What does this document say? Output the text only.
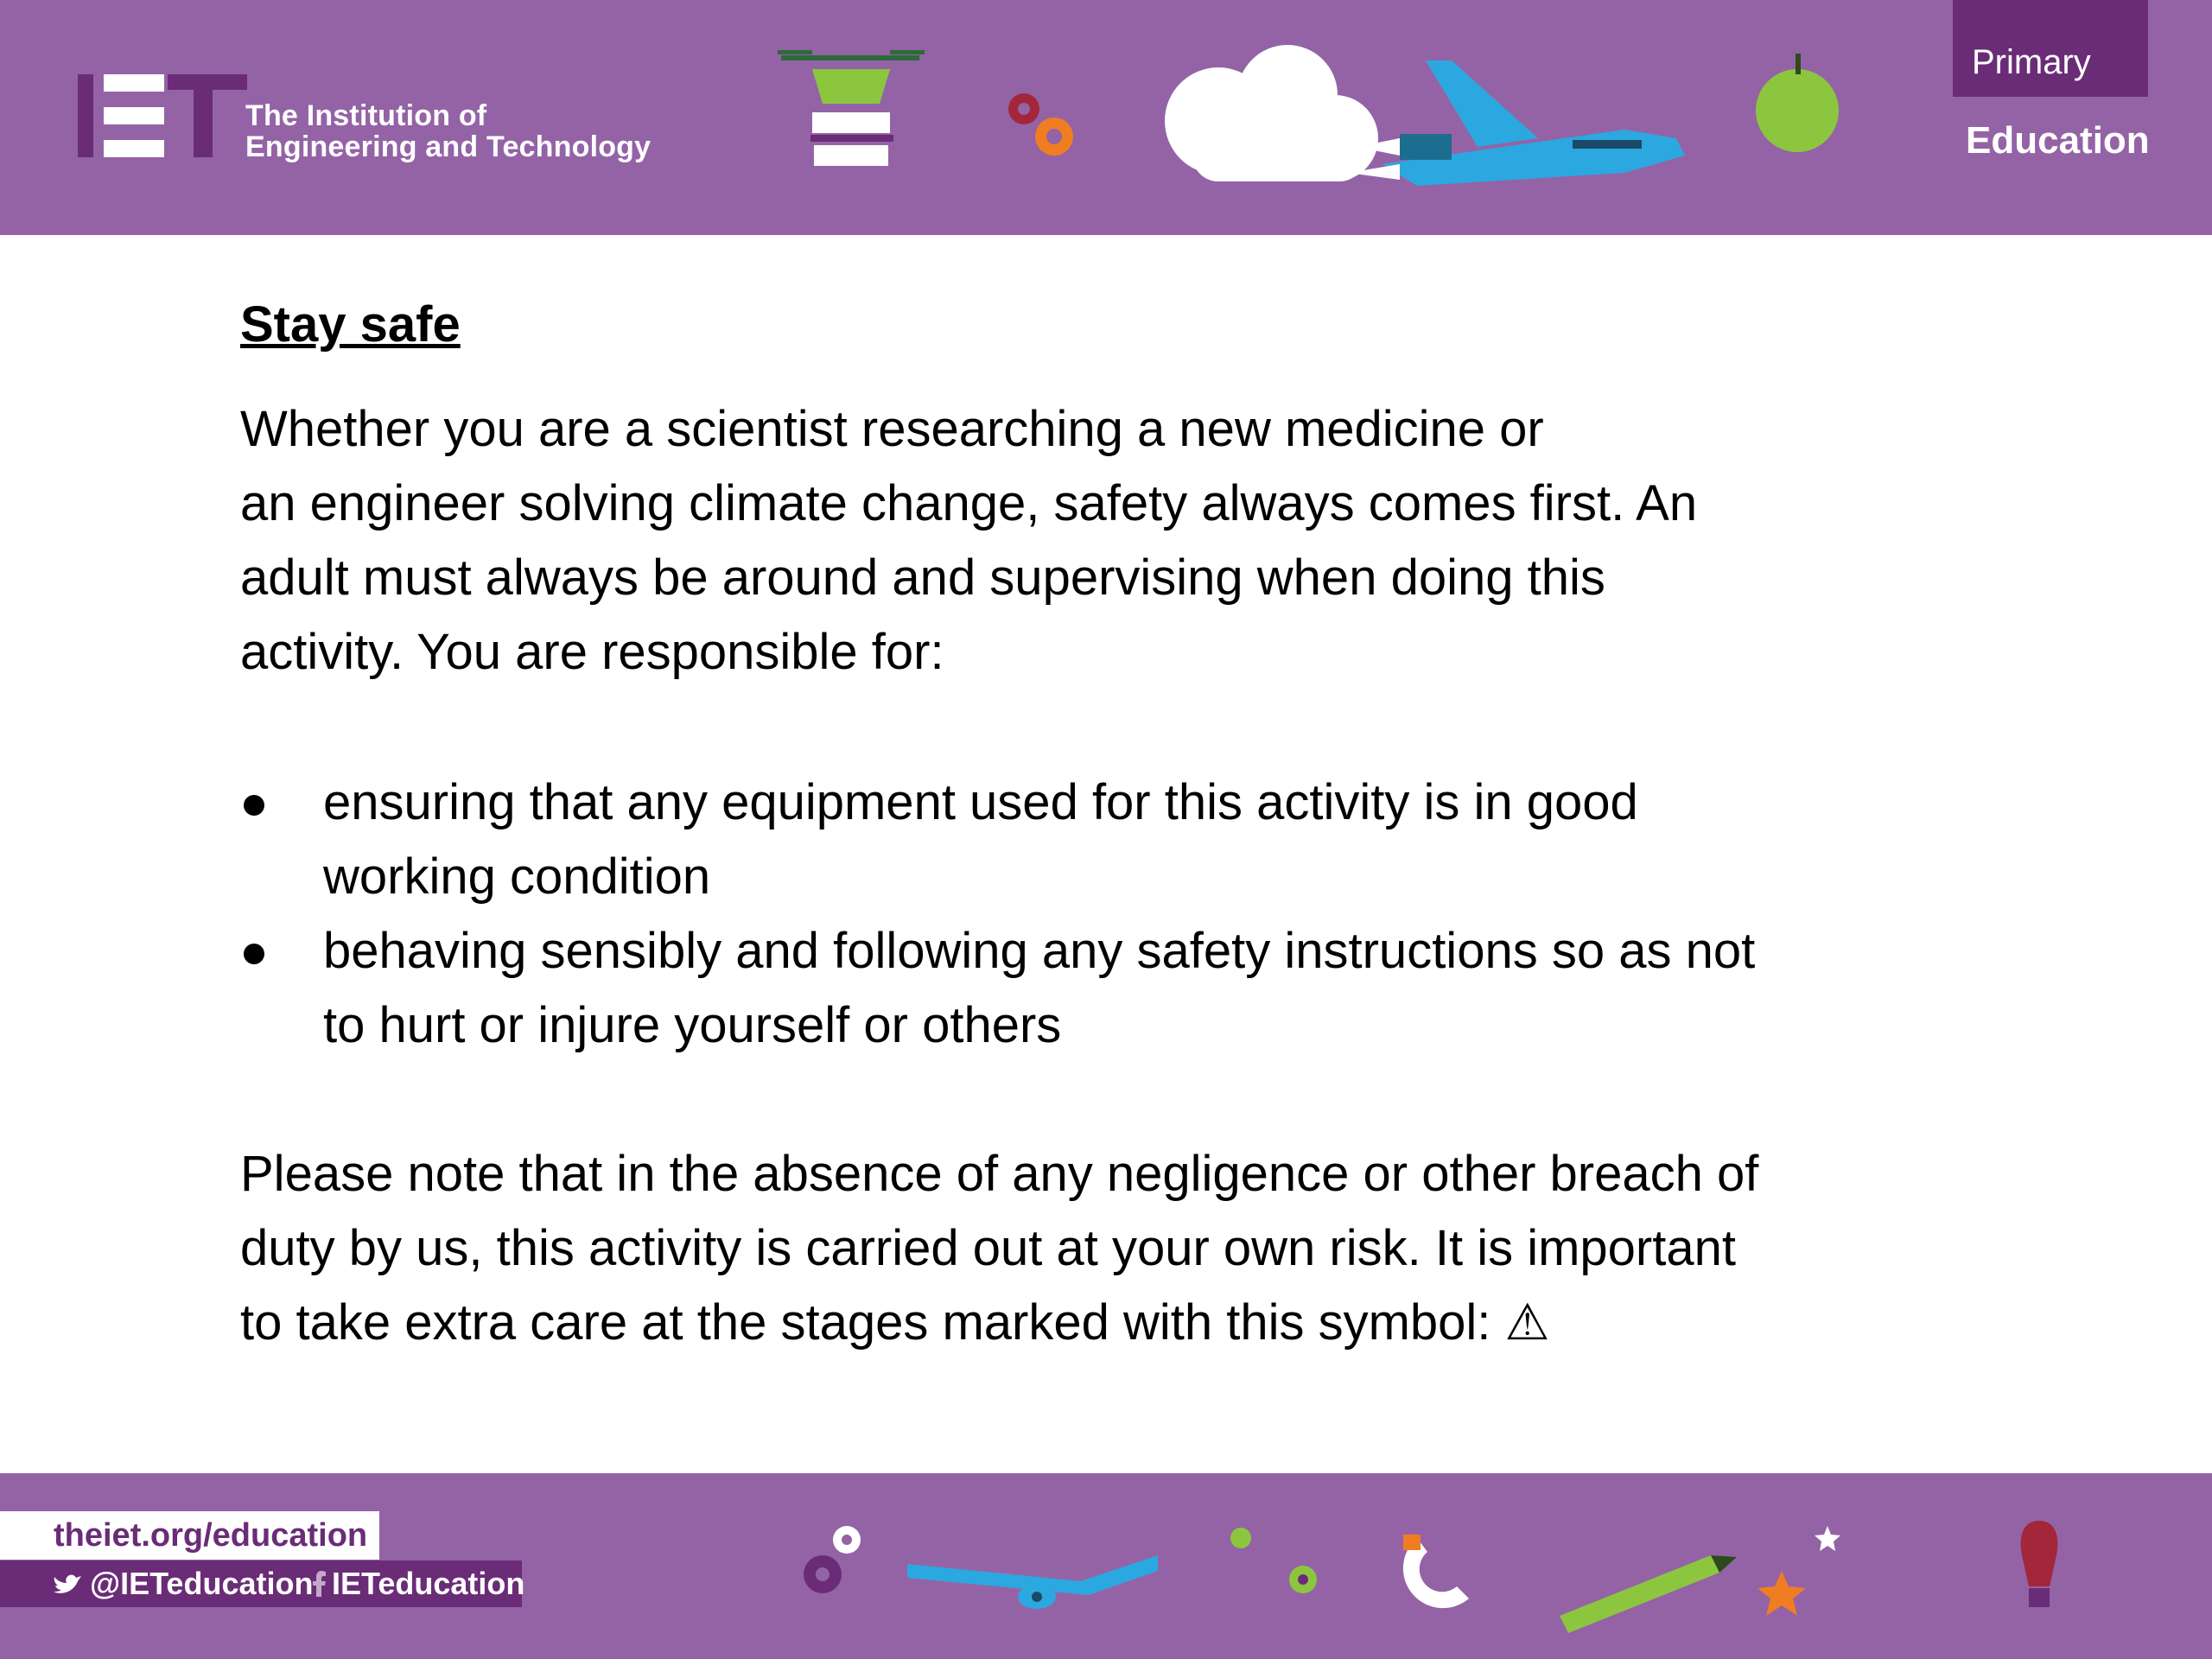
The Institution of
Engineering and Technology
Primary
Education
Stay safe

Whether you are a scientist researching a new medicine or
an engineer solving climate change, safety always comes first. An
adult must always be around and supervising when doing this
activity. You are responsible for:

ensuring that any equipment used for this activity is in good
working condition
behaving sensibly and following any safety instructions so as not
to hurt or injure yourself or others

Please note that in the absence of any negligence or other breach of
duty by us, this activity is carried out at your own risk. It is important
to take extra care at the stages marked with this symbol: ⚠

theiet.org/education
@IETeducation IETeducation
